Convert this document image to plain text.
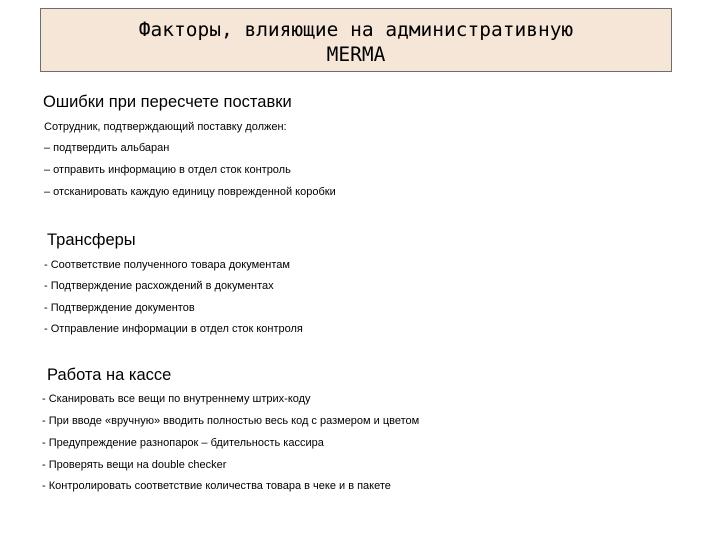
Факторы, влияющие на административную
MERMA
Ошибки при пересчете поставки
Сотрудник, подтверждающий поставку должен:
– подтвердить альбаран
– отправить информацию в отдел сток контроль
– отсканировать каждую единицу поврежденной коробки
Трансферы
- Соответствие полученного товара документам
- Подтверждение расхождений в документах
- Подтверждение документов
- Отправление информации в отдел сток контроля
Работа на кассе
- Сканировать все вещи по внутреннему штрих-коду
- При вводе «вручную» вводить полностью весь код с размером и цветом
- Предупреждение разнопарок – бдительность кассира
- Проверять вещи на double checker
- Контролировать соответствие количества товара в чеке и в пакете
